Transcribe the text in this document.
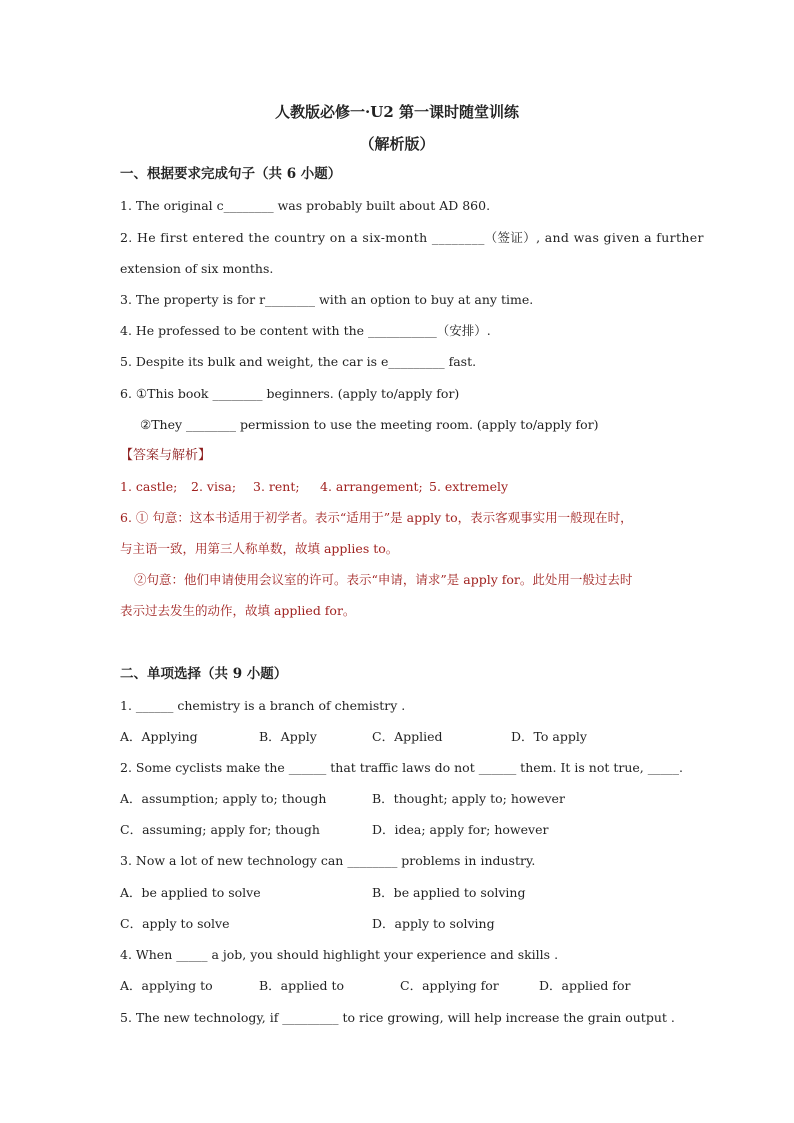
人教版必修一·U2 第一课时随堂训练
（解析版）
一、根据要求完成句子（共 6 小题）
1. The original c________ was probably built about AD 860.
2. He first entered the country on a six-month ________（签证）, and was given a further
extension of six months.
3. The property is for r________ with an option to buy at any time.
4. He professed to be content with the ___________（安排）.
5. Despite its bulk and weight, the car is e_________ fast.
6. ①This book ________ beginners. (apply to/apply for)
②They ________ permission to use the meeting room. (apply to/apply for)
【答案与解析】
1. castle; 2. visa; 3. rent; 4. arrangement; 5. extremely
6. ① 句意：这本书适用于初学者。表示“适用于”是 apply to，表示客观事实用一般现在时，
与主语一致，用第三人称单数，故填 applies to。
②句意：他们申请使用会议室的许可。表示“申请，请求”是 apply for。此处用一般过去时
表示过去发生的动作，故填 applied for。
二、单项选择（共 9 小题）
1. ______ chemistry is a branch of chemistry .
A．Applying	B．Apply	C．Applied	D．To apply
2. Some cyclists make the ______ that traffic laws do not ______ them. It is not true, _____.
A．assumption; apply to; though	B．thought; apply to; however
C．assuming; apply for; though	D．idea; apply for; however
3. Now a lot of new technology can ________ problems in industry.
A．be applied to solve	B．be applied to solving
C．apply to solve	D．apply to solving
4. When _____ a job, you should highlight your experience and skills .
A．applying to	B．applied to	C．applying for	D．applied for
5. The new technology, if _________ to rice growing, will help increase the grain output .
